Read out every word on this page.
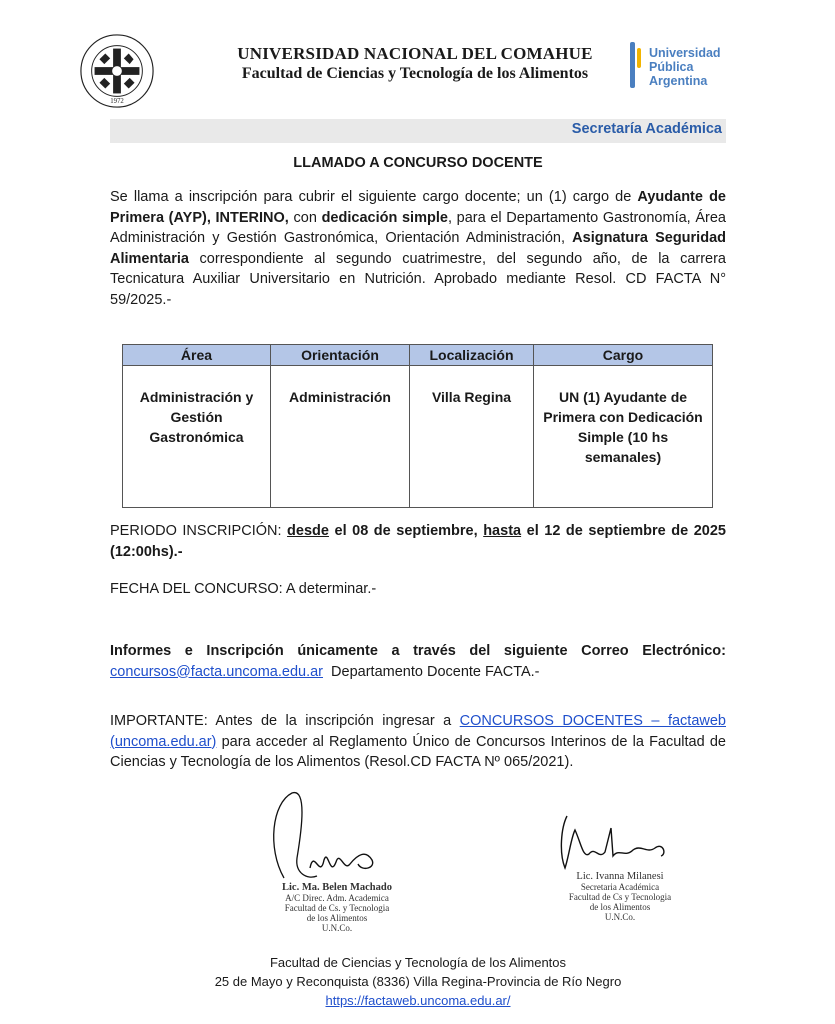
1972
UNIVERSIDAD NACIONAL DEL COMAHUE
Facultad de Ciencias y Tecnología de los Alimentos
Universidad
Pública
Argentina
Secretaría Académica
LLAMADO A CONCURSO DOCENTE
Se llama a inscripción para cubrir el siguiente cargo docente; un (1) cargo de Ayudante de Primera (AYP), INTERINO, con dedicación simple, para el Departamento Gastronomía, Área Administración y Gestión Gastronómica, Orientación Administración, Asignatura Seguridad Alimentaria correspondiente al segundo cuatrimestre, del segundo año, de la carrera Tecnicatura Auxiliar Universitario en Nutrición. Aprobado mediante Resol. CD FACTA N° 59/2025.-
Área	Orientación	Localización	Cargo
Administración y Gestión Gastronómica	Administración	Villa Regina	UN (1) Ayudante de Primera con Dedicación Simple (10 hs semanales)
PERIODO INSCRIPCIÓN: desde el 08 de septiembre, hasta el 12 de septiembre de 2025 (12:00hs).-
FECHA DEL CONCURSO: A determinar.-
Informes e Inscripción únicamente a través del siguiente Correo Electrónico:
concursos@facta.uncoma.edu.ar  Departamento Docente FACTA.-
IMPORTANTE: Antes de la inscripción ingresar a CONCURSOS DOCENTES – factaweb (uncoma.edu.ar) para acceder al Reglamento Único de Concursos Interinos de la Facultad de Ciencias y Tecnología de los Alimentos (Resol.CD FACTA Nº 065/2021).
Lic. Ma. Belen Machado
A/C Direc. Adm. Academica
Facultad de Cs. y Tecnologia
de los Alimentos
U.N.Co.
Lic. Ivanna Milanesi
Secretaria Académica
Facultad de Cs y Tecnologia
de los Alimentos
U.N.Co.
Facultad de Ciencias y Tecnología de los Alimentos
25 de Mayo y Reconquista (8336) Villa Regina-Provincia de Río Negro
https://factaweb.uncoma.edu.ar/
